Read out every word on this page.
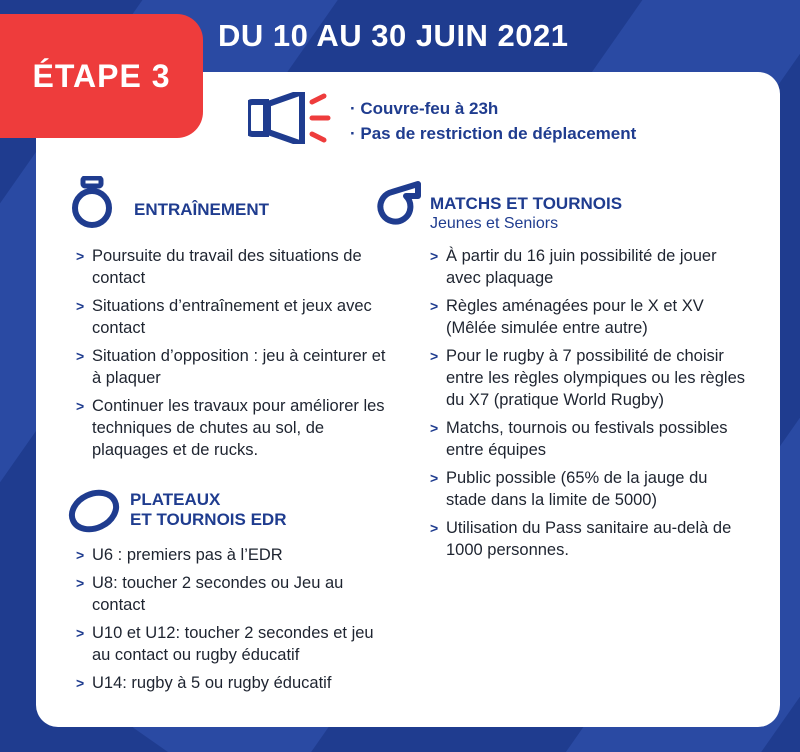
ÉTAPE 3
DU 10 AU 30 JUIN 2021
· Couvre-feu à 23h
· Pas de restriction de déplacement
ENTRAÎNEMENT
> Poursuite du travail des situations de contact
> Situations d’entraînement et jeux avec contact
> Situation d’opposition : jeu à ceinturer et à plaquer
> Continuer les travaux pour améliorer les techniques de chutes au sol, de plaquages et de rucks.
MATCHS ET TOURNOIS
Jeunes et Seniors
> À partir du 16 juin possibilité de jouer avec plaquage
> Règles aménagées pour le X et XV (Mêlée simulée entre autre)
> Pour le rugby à 7 possibilité de choisir entre les règles olympiques ou les règles du X7 (pratique World Rugby)
> Matchs, tournois ou festivals possibles entre équipes
> Public possible (65% de la jauge du stade dans la limite de 5000)
> Utilisation du Pass sanitaire au-delà de 1000 personnes.
PLATEAUX
ET TOURNOIS EDR
> U6 : premiers pas à l’EDR
> U8: toucher 2 secondes ou Jeu au contact
> U10 et U12: toucher 2 secondes et jeu au contact ou rugby éducatif
> U14: rugby à 5 ou rugby éducatif
